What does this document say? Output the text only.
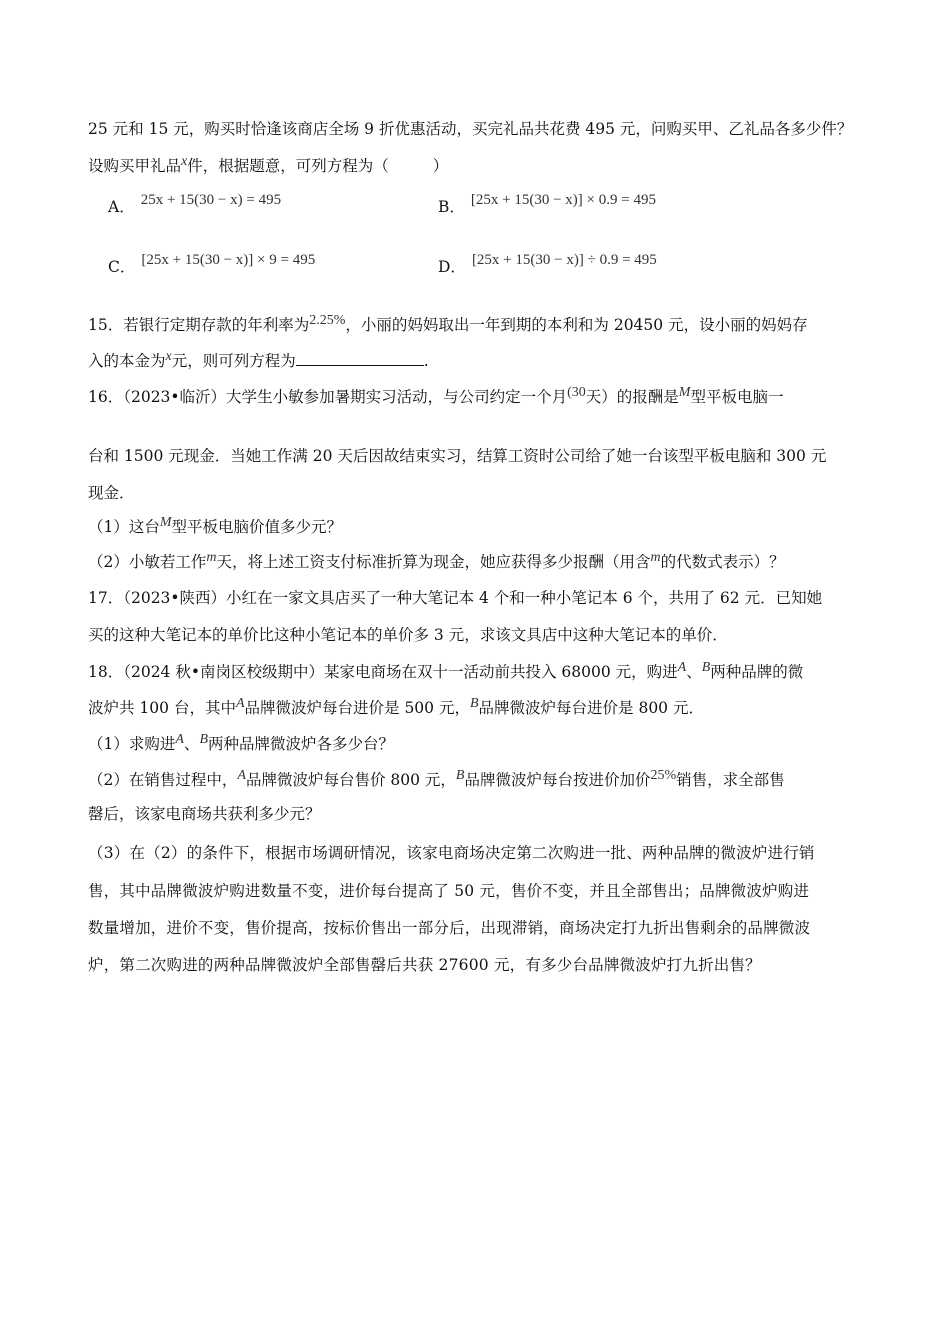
25 元和 15 元，购买时恰逢该商店全场 9 折优惠活动，买完礼品共花费 495 元，问购买甲、乙礼品各多少件？
设购买甲礼品x件，根据题意，可列方程为（	）
A． 25x + 15(30 − x) = 495	B． [25x + 15(30 − x)] × 0.9 = 495
C． [25x + 15(30 − x)] × 9 = 495	D． [25x + 15(30 − x)] ÷ 0.9 = 495
15．若银行定期存款的年利率为2.25%，小丽的妈妈取出一年到期的本利和为 20450 元，设小丽的妈妈存
入的本金为x元，则可列方程为	.
16．（2023•临沂）大学生小敏参加暑期实习活动，与公司约定一个月(30天）的报酬是M型平板电脑一
台和 1500 元现金．当她工作满 20 天后因故结束实习，结算工资时公司给了她一台该型平板电脑和 300 元
现金．
（1）这台M型平板电脑价值多少元？
（2）小敏若工作m天，将上述工资支付标准折算为现金，她应获得多少报酬（用含m的代数式表示）？
17．（2023•陕西）小红在一家文具店买了一种大笔记本 4 个和一种小笔记本 6 个，共用了 62 元．已知她
买的这种大笔记本的单价比这种小笔记本的单价多 3 元，求该文具店中这种大笔记本的单价．
18．（2024 秋•南岗区校级期中）某家电商场在双十一活动前共投入 68000 元，购进A、B两种品牌的微
波炉共 100 台，其中A品牌微波炉每台进价是 500 元，B品牌微波炉每台进价是 800 元．
（1）求购进A、B两种品牌微波炉各多少台？
（2）在销售过程中，A品牌微波炉每台售价 800 元，B品牌微波炉每台按进价加价25%销售，求全部售
罄后，该家电商场共获利多少元？
（3）在（2）的条件下，根据市场调研情况，该家电商场决定第二次购进一批、两种品牌的微波炉进行销
售，其中品牌微波炉购进数量不变，进价每台提高了 50 元，售价不变，并且全部售出；品牌微波炉购进
数量增加，进价不变，售价提高，按标价售出一部分后，出现滞销，商场决定打九折出售剩余的品牌微波
炉，第二次购进的两种品牌微波炉全部售罄后共获 27600 元，有多少台品牌微波炉打九折出售？
